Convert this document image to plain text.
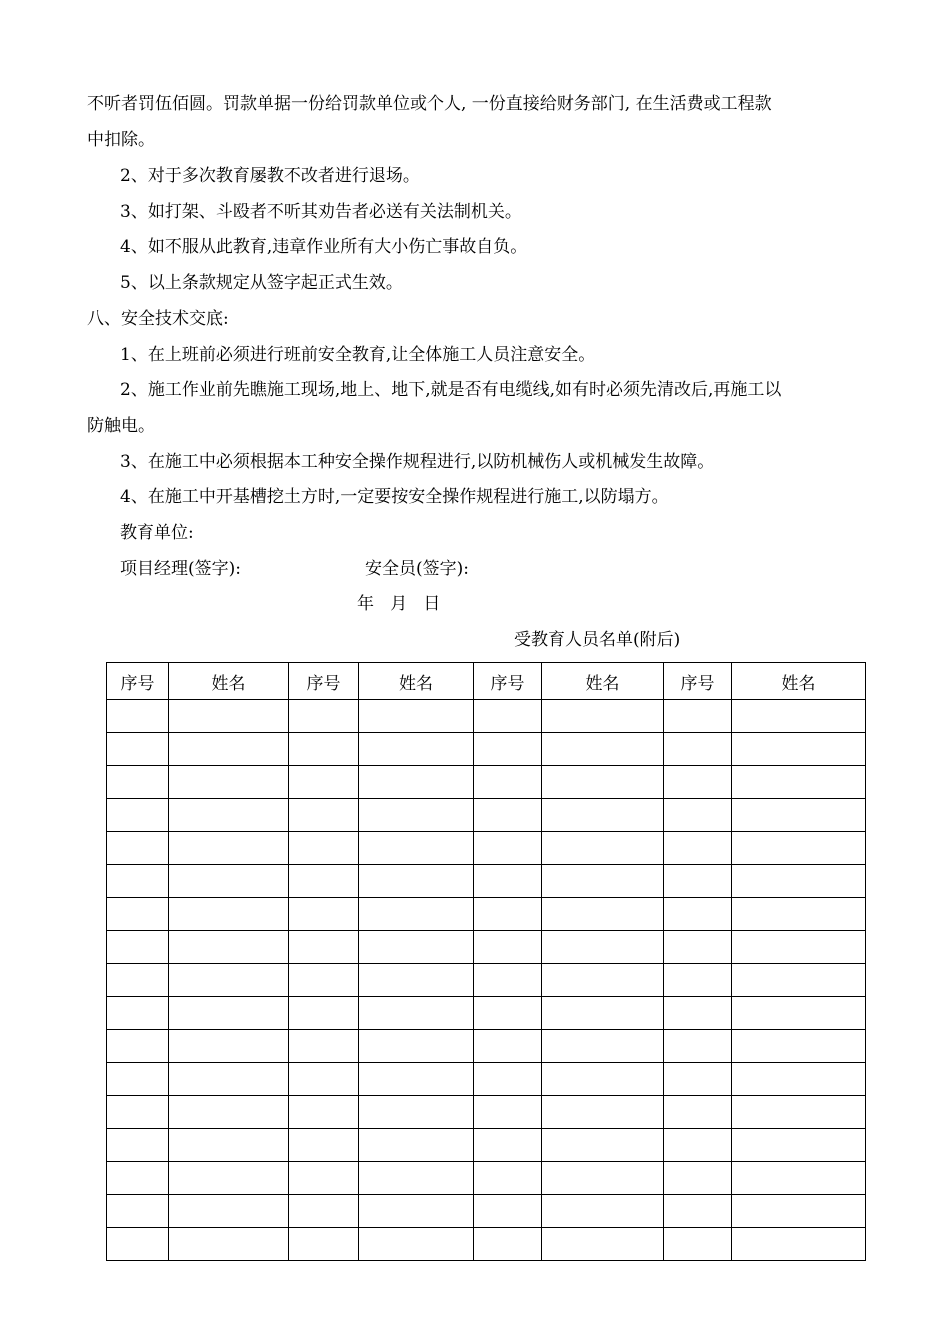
不听者罚伍佰圆。罚款单据一份给罚款单位或个人, 一份直接给财务部门, 在生活费或工程款
中扣除。
2、对于多次教育屡教不改者进行退场。
3、如打架、斗殴者不听其劝告者必送有关法制机关。
4、如不服从此教育,违章作业所有大小伤亡事故自负。
5、以上条款规定从签字起正式生效。
八、安全技术交底:
1、在上班前必须进行班前安全教育,让全体施工人员注意安全。
2、施工作业前先瞧施工现场,地上、地下,就是否有电缆线,如有时必须先清改后,再施工以
防触电。
3、在施工中必须根据本工种安全操作规程进行,以防机械伤人或机械发生故障。
4、在施工中开基槽挖土方时,一定要按安全操作规程进行施工,以防塌方。
教育单位:
项目经理(签字):	安全员(签字):
年   月   日
受教育人员名单(附后)
序号	姓名	序号	姓名	序号	姓名	序号	姓名
